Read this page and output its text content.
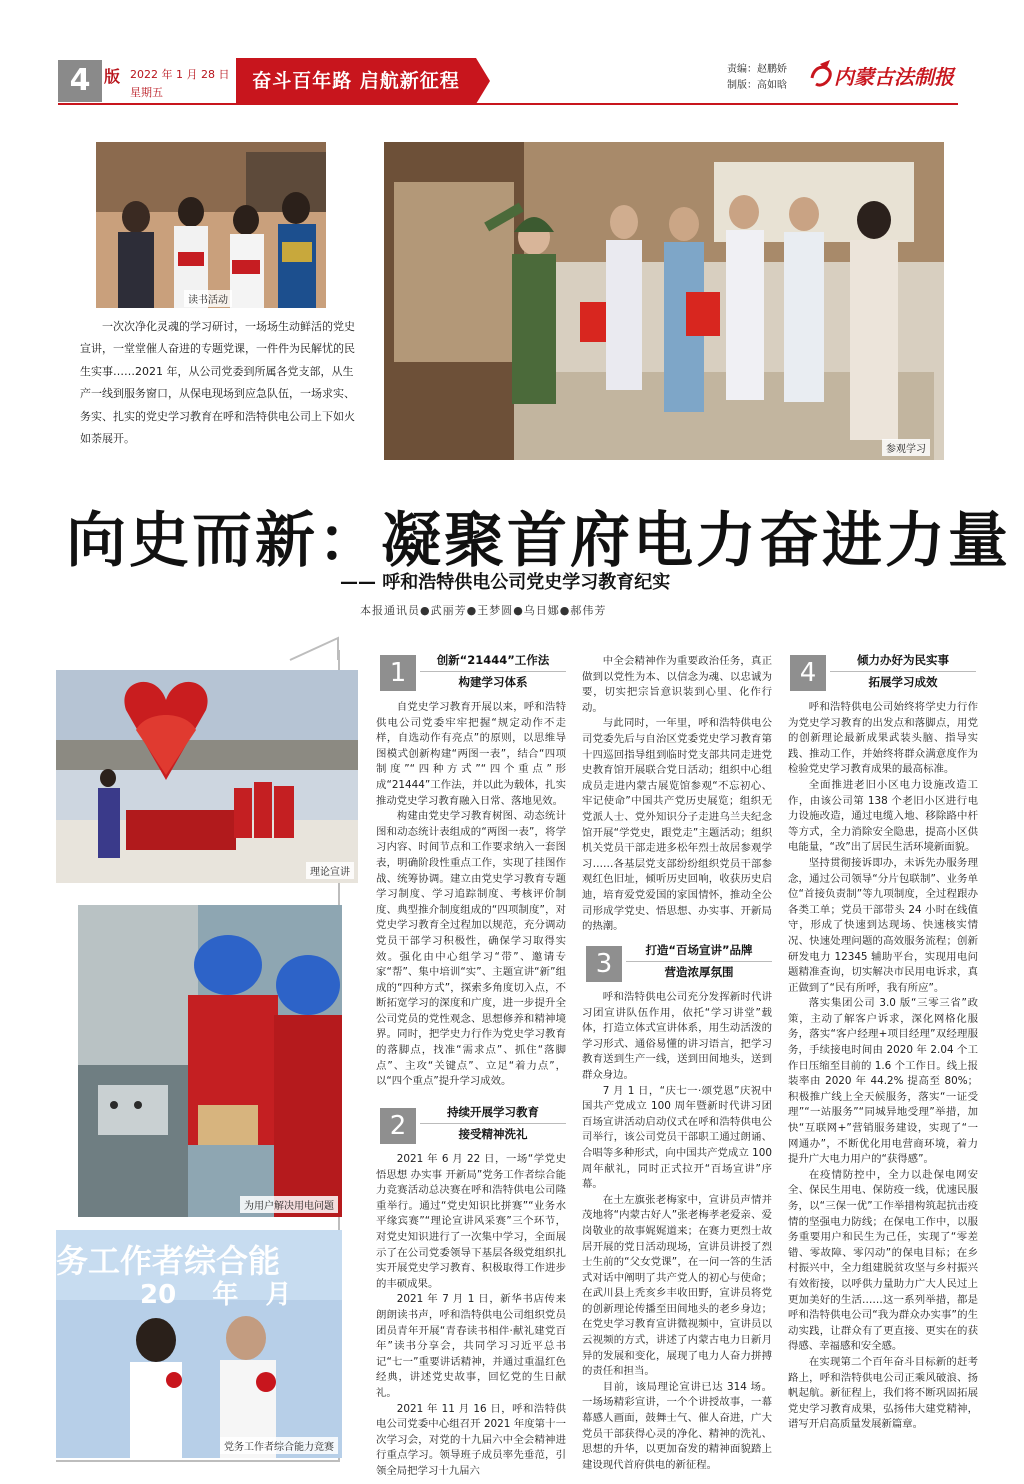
4 版 2022 年 1 月 28 日
星期五
奋斗百年路 启航新征程
责编：赵鹏娇
制版：高如晗 内蒙古法制报
读书活动
一次次净化灵魂的学习研讨，一场场生动鲜活的党史宣讲，一堂堂催人奋进的专题党课，一件件为民解忧的民生实事……2021 年，从公司党委到所属各党支部，从生产一线到服务窗口，从保电现场到应急队伍，一场求实、务实、扎实的党史学习教育在呼和浩特供电公司上下如火如荼展开。
参观学习
向史而新：凝聚首府电力奋进力量
—— 呼和浩特供电公司党史学习教育纪实
本报通讯员●武丽芳●王梦圆●乌日娜●郝伟芳
理论宣讲
为用户解决用电问题
务工作者综合能
20    年   月
党务工作者综合能力竞赛
1	创新“21444”工作法
构建学习体系

自党史学习教育开展以来，呼和浩特供电公司党委牢牢把握“规定动作不走样，自选动作有亮点”的原则，以思维导图模式创新构建“两图一表”，结合“四项制度”“四种方式”“四个重点”形成“21444”工作法，并以此为载体，扎实推动党史学习教育融入日常、落地见效。

构建由党史学习教育树图、动态统计图和动态统计表组成的“两图一表”，将学习内容、时间节点和工作要求纳入一套图表，明确阶段性重点工作，实现了挂图作战、统筹协调。建立由党史学习教育专题学习制度、学习追踪制度、考核评价制度、典型推介制度组成的“四项制度”，对党史学习教育全过程加以规范，充分调动党员干部学习积极性，确保学习取得实效。强化由中心组学习“带”、邀请专家“帮”、集中培训“实”、主题宣讲“新”组成的“四种方式”，探索多角度切入点，不断拓宽学习的深度和广度，进一步提升全公司党员的党性观念、思想修养和精神境界。同时，把学史力行作为党史学习教育的落脚点，找准“需求点”、抓住“落脚点”、主攻“关键点”、立足“着力点”，以“四个重点”提升学习成效。

2	持续开展学习教育
接受精神洗礼

2021 年 6 月 22 日，一场“学党史 悟思想 办实事 开新局”党务工作者综合能力竞赛活动总决赛在呼和浩特供电公司隆重举行。通过“党史知识比拼赛”“业务水平缘宾赛”“理论宣讲风采赛”三个环节，对党史知识进行了一次集中学习，全面展示了在公司党委领导下基层各级党组织扎实开展党史学习教育、积极取得工作进步的丰硕成果。

2021 年 7 月 1 日，新华书店传来朗朗读书声，呼和浩特供电公司组织党员团员青年开展“青春读书相伴·献礼建党百年”读书分享会，共同学习习近平总书记“七一”重要讲话精神，并通过重温红色经典，讲述党史故事，回忆党的生日献礼。

2021 年 11 月 16 日，呼和浩特供电公司党委中心组召开 2021 年度第十一次学习会，对党的十九届六中全会精神进行重点学习。领导班子成员率先垂范，引领全局把学习十九届六

中全会精神作为重要政治任务，真正做到以党性为本、以信念为魂、以忠诚为要，切实把宗旨意识装到心里、化作行动。

与此同时，一年里，呼和浩特供电公司党委先后与自治区党委党史学习教育第十四巡回指导组到临时党支部共同走进党史教育馆开展联合党日活动；组织中心组成员走进内蒙古展览馆参观“不忘初心、牢记使命”中国共产党历史展览；组织无党派人士、党外知识分子走进乌兰夫纪念馆开展“学党史，跟党走”主题活动；组织机关党员干部走进多松年烈士故居参观学习……各基层党支部纷纷组织党员干部参观红色旧址，倾听历史回响，收获历史启迪，培育爱党爱国的家国情怀，推动全公司形成学党史、悟思想、办实事、开新局的热潮。

3	打造“百场宣讲”品牌
营造浓厚氛围

呼和浩特供电公司充分发挥新时代讲习团宣讲队伍作用，依托“学习讲堂”载体，打造立体式宣讲体系，用生动活泼的学习形式、通俗易懂的讲习语言，把学习教育送到生产一线，送到田间地头，送到群众身边。

7 月 1 日，“庆七一·颂党恩”庆祝中国共产党成立 100 周年暨新时代讲习团百场宣讲活动启动仪式在呼和浩特供电公司举行，该公司党员干部职工通过朗诵、合唱等多种形式，向中国共产党成立 100 周年献礼，同时正式拉开“百场宣讲”序幕。

在土左旗张老梅家中，宣讲员声情并茂地将“内蒙古好人”张老梅孝老爱亲、爱岗敬业的故事娓娓道来；在赛力更烈士故居开展的党日活动现场，宣讲员讲授了烈士生前的“父女党课”，在一问一答的生活式对话中阐明了共产党人的初心与使命；在武川县上秃亥乡丰收田野，宣讲员将党的创新理论传播至田间地头的老乡身边；在党史学习教育宣讲微视频中，宣讲员以云视频的方式，讲述了内蒙古电力日新月异的发展和变化，展现了电力人奋力拼搏的责任和担当。

目前，该局理论宣讲已达 314 场。一场场精彩宣讲，一个个讲授故事，一幕幕感人画面，鼓舞士气、催人奋进，广大党员干部获得心灵的净化、精神的洗礼、思想的升华，以更加奋发的精神面貌踏上建设现代首府供电的新征程。

4	倾力办好为民实事
拓展学习成效

呼和浩特供电公司始终将学史力行作为党史学习教育的出发点和落脚点，用党的创新理论最新成果武装头脑、指导实践、推动工作，并始终将群众满意度作为检验党史学习教育成果的最高标准。

全面推进老旧小区电力设施改造工作，由该公司第 138 个老旧小区进行电力设施改造，通过电缆入地、移除路中杆等方式，全力消除安全隐患，提高小区供电能量，“改”出了居民生活环境新面貌。

坚持贯彻接诉即办，未诉先办服务理念，通过公司领导“分片包联制”、业务单位“首接负责制”等九项制度，全过程跟办各类工单；党员干部带头 24 小时在线值守，形成了快速到达现场、快速核实情况、快速处理问题的高效服务流程；创新研发电力 12345 辅助平台，实现用电问题精准查询，切实解决市民用电诉求，真正做到了“民有所呼，我有所应”。

落实集团公司 3.0 版“三零三省”政策，主动了解客户诉求，深化网格化服务，落实“客户经理+项目经理”双经理服务，手续接电时间由 2020 年 2.04 个工作日压缩至目前的 1.6 个工作日。线上报装率由 2020 年 44.2% 提高至 80%；积极推广线上全天候服务，落实“一证受理”“一站服务”“同城异地受理”举措，加快“互联网+”营销服务建设，实现了“一网通办”，不断优化用电营商环境，着力提升广大电力用户的“获得感”。

在疫情防控中，全力以赴保电网安全、保民生用电、保防疫一线，优速民服务，以“三保一优”工作举措构筑起抗击疫情的坚强电力防线；在保电工作中，以服务重要用户和民生为己任，实现了“零差错、零故障、零闪动”的保电目标；在乡村振兴中，全力组建脱贫攻坚与乡村振兴有效衔接，以呼供力量助力广大人民过上更加美好的生活……这一系列举措，都是呼和浩特供电公司“我为群众办实事”的生动实践，让群众有了更直接、更实在的获得感、幸福感和安全感。

在实现第二个百年奋斗目标新的赶考路上，呼和浩特供电公司正乘风破浪、扬帆起航。新征程上，我们将不断巩固拓展党史学习教育成果，弘扬伟大建党精神，谱写开启高质量发展新篇章。
